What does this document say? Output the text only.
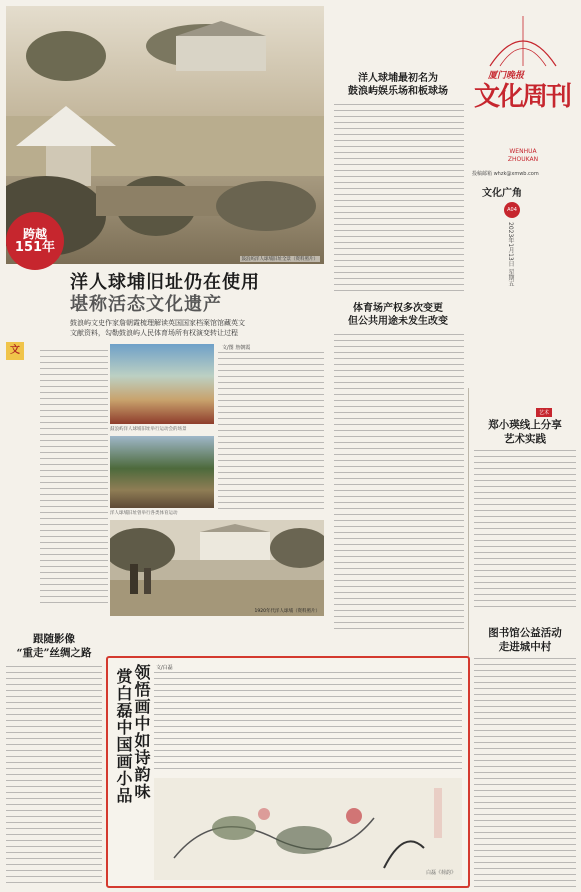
鼓浪屿洋人球埔旧址全景（资料照片）
跨越
151年
洋人球埔最初名为
鼓浪屿娱乐场和板球场
体育场产权多次变更
但公共用途未发生改变
厦门晚报
文化周刊
WENHUA ZHOUKAN
投稿邮箱 whzk@xmwb.com
文化广角
A04
2023年1月13日 星期五
洋人球埔旧址仍在使用
堪称活态文化遗产
鼓浪屿文史作家詹朝霞梳理解读英国国家档案馆馆藏英文
文献资料，勾勒鼓浪屿人民体育场所有权演变转让过程
文
鼓浪屿洋人球埔旧址举行运动会的场景
洋人球埔旧址曾举行各类体育运动
文/图 詹朝霞
1920年代洋人球埔（资料照片）
艺术
郑小瑛线上分享
艺术实践
图书馆公益活动
走进城中村
跟随影像
“重走”丝绸之路
领悟画中如诗韵味
赏白磊中国画小品	文/白磊
白磊《荷韵》
